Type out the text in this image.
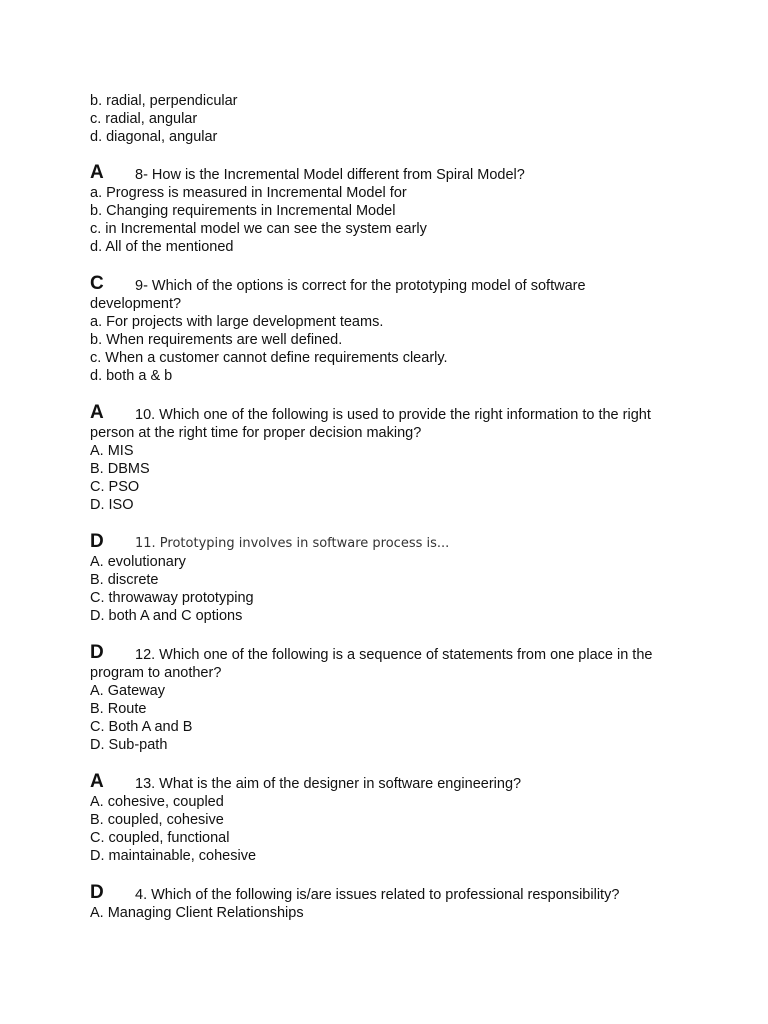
b. radial, perpendicular

c. radial, angular

d. diagonal, angular

A	8- How is the Incremental Model different from Spiral Model?

a. Progress is measured in Incremental Model for

b. Changing requirements in Incremental Model

c. in Incremental model we can see the system early

d. All of the mentioned

C	9- Which of the options is correct for the prototyping model of software development?

a. For projects with large development teams.

b. When requirements are well defined.

c. When a customer cannot define requirements clearly.

d. both a & b

A	10. Which one of the following is used to provide the right information to the right person at the right time for proper decision making?

A. MIS

B. DBMS

C. PSO

D. ISO

D	11. Prototyping involves in software process is...

A. evolutionary

B. discrete

C. throwaway prototyping

D. both A and C options

D	12. Which one of the following is a sequence of statements from one place in the program to another?

A. Gateway

B. Route

C. Both A and B

D. Sub-path

A	13. What is the aim of the designer in software engineering?

A. cohesive, coupled

B. coupled, cohesive

C. coupled, functional

D. maintainable, cohesive

D	4. Which of the following is/are issues related to professional responsibility?

A. Managing Client Relationships
